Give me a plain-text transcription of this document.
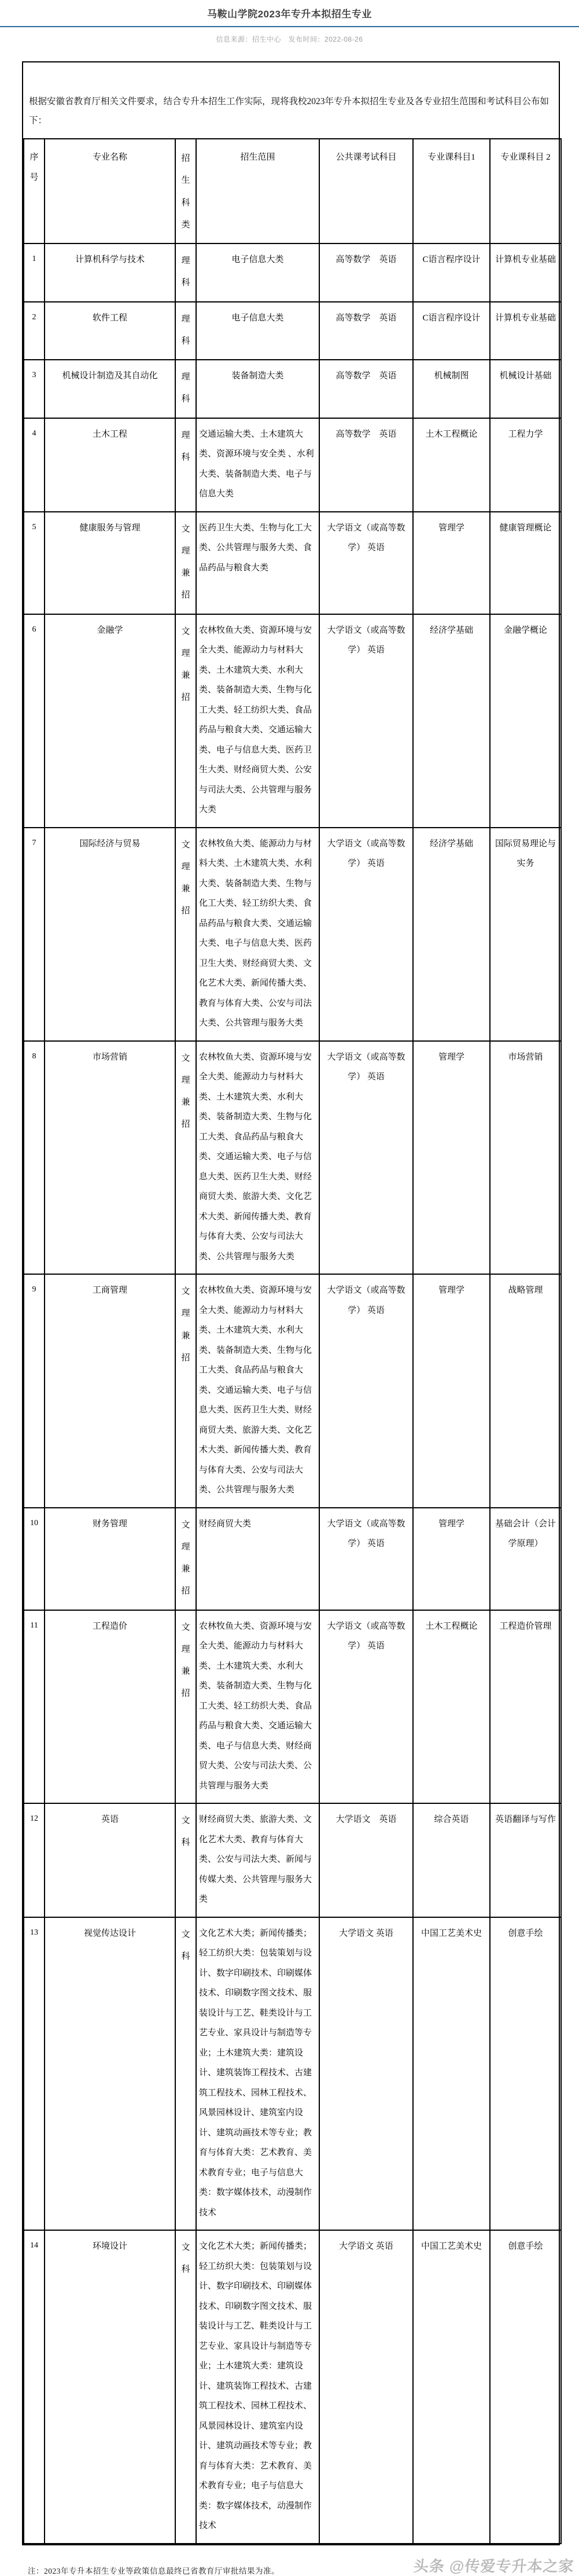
马鞍山学院2023年专升本拟招生专业
信息来源：招生中心　发布时间：2022-08-26

根据安徽省教育厅相关文件要求，结合专升本招生工作实际，现将我校2023年专升本拟招生专业及各专业招生范围和考试科目公布如下：

序号	专业名称	招生科类	招生范围	公共课考试科目	专业课科目1	专业课科目 2
1	计算机科学与技术	理科	电子信息大类	高等数学　英语	C语言程序设计	计算机专业基础
2	软件工程	理科	电子信息大类	高等数学　英语	C语言程序设计	计算机专业基础
3	机械设计制造及其自动化	理科	装备制造大类	高等数学　英语	机械制图	机械设计基础
4	土木工程	理科	交通运输大类、土木建筑大类、资源环境与安全类 、水利大类、装备制造大类、电子与信息大类	高等数学　英语	土木工程概论	工程力学
5	健康服务与管理	文理兼招	医药卫生大类、生物与化工大类、公共管理与服务大类、食品药品与粮食大类	大学语文（或高等数学） 英语	管理学	健康管理概论
6	金融学	文理兼招	农林牧鱼大类、资源环境与安全大类、能源动力与材料大类、土木建筑大类、水利大类、装备制造大类、生物与化工大类、轻工纺织大类、食品药品与粮食大类、交通运输大类、电子与信息大类、医药卫生大类、财经商贸大类、公安与司法大类、公共管理与服务大类	大学语文（或高等数学） 英语	经济学基础	金融学概论
7	国际经济与贸易	文理兼招	农林牧鱼大类、能源动力与材料大类、土木建筑大类、水利大类、装备制造大类、生物与化工大类、轻工纺织大类、食品药品与粮食大类、交通运输大类、电子与信息大类、医药卫生大类、财经商贸大类、文化艺术大类、新闻传播大类、教育与体育大类、公安与司法大类、公共管理与服务大类	大学语文（或高等数学） 英语	经济学基础	国际贸易理论与实务
8	市场营销	文理兼招	农林牧鱼大类、资源环境与安全大类、能源动力与材料大类、土木建筑大类、水利大类、装备制造大类、生物与化工大类、食品药品与粮食大类、交通运输大类、电子与信息大类、医药卫生大类、财经商贸大类、旅游大类、文化艺术大类、新闻传播大类、教育与体育大类、公安与司法大类、公共管理与服务大类	大学语文（或高等数学） 英语	管理学	市场营销
9	工商管理	文理兼招	农林牧鱼大类、资源环境与安全大类、能源动力与材料大类、土木建筑大类、水利大类、装备制造大类、生物与化工大类、食品药品与粮食大类、交通运输大类、电子与信息大类、医药卫生大类、财经商贸大类、旅游大类、文化艺术大类、新闻传播大类、教育与体育大类、公安与司法大类、公共管理与服务大类	大学语文（或高等数学） 英语	管理学	战略管理
10	财务管理	文理兼招	财经商贸大类	大学语文（或高等数学） 英语	管理学	基础会计（会计学原理）
11	工程造价	文理兼招	农林牧鱼大类、资源环境与安全大类、能源动力与材料大类、土木建筑大类、水利大类、装备制造大类、生物与化工大类、轻工纺织大类、食品药品与粮食大类、交通运输大类、电子与信息大类、财经商贸大类、公安与司法大类、公共管理与服务大类	大学语文（或高等数学） 英语	土木工程概论	工程造价管理
12	英语	文科	财经商贸大类、旅游大类、文化艺术大类、教育与体育大类、公安与司法大类、新闻与传媒大类、公共管理与服务大类	大学语文　英语	综合英语	英语翻译与写作
13	视觉传达设计	文科	文化艺术大类；新闻传播类；轻工纺织大类：包装策划与设计、数字印刷技术、印刷媒体技术、印刷数字图文技术、服装设计与工艺、鞋类设计与工艺专业、家具设计与制造等专业；土木建筑大类：建筑设计、建筑装饰工程技术、古建筑工程技术、园林工程技术、风景园林设计、建筑室内设计、建筑动画技术等专业；教育与体育大类：艺术教育、美术教育专业；电子与信息大类：数字媒体技术，动漫制作技术	大学语文 英语	中国工艺美术史	创意手绘
14	环境设计	文科	文化艺术大类；新闻传播类；轻工纺织大类：包装策划与设计、数字印刷技术、印刷媒体技术、印刷数字图文技术、服装设计与工艺、鞋类设计与工艺专业、家具设计与制造等专业；土木建筑大类：建筑设计、建筑装饰工程技术、古建筑工程技术、园林工程技术、风景园林设计、建筑室内设计、建筑动画技术等专业；教育与体育大类：艺术教育、美术教育专业；电子与信息大类：数字媒体技术，动漫制作技术	大学语文 英语	中国工艺美术史	创意手绘
注：2023年专升本招生专业等政策信息最终已省教育厅审批结果为准。	头条 @传爱专升本之家
